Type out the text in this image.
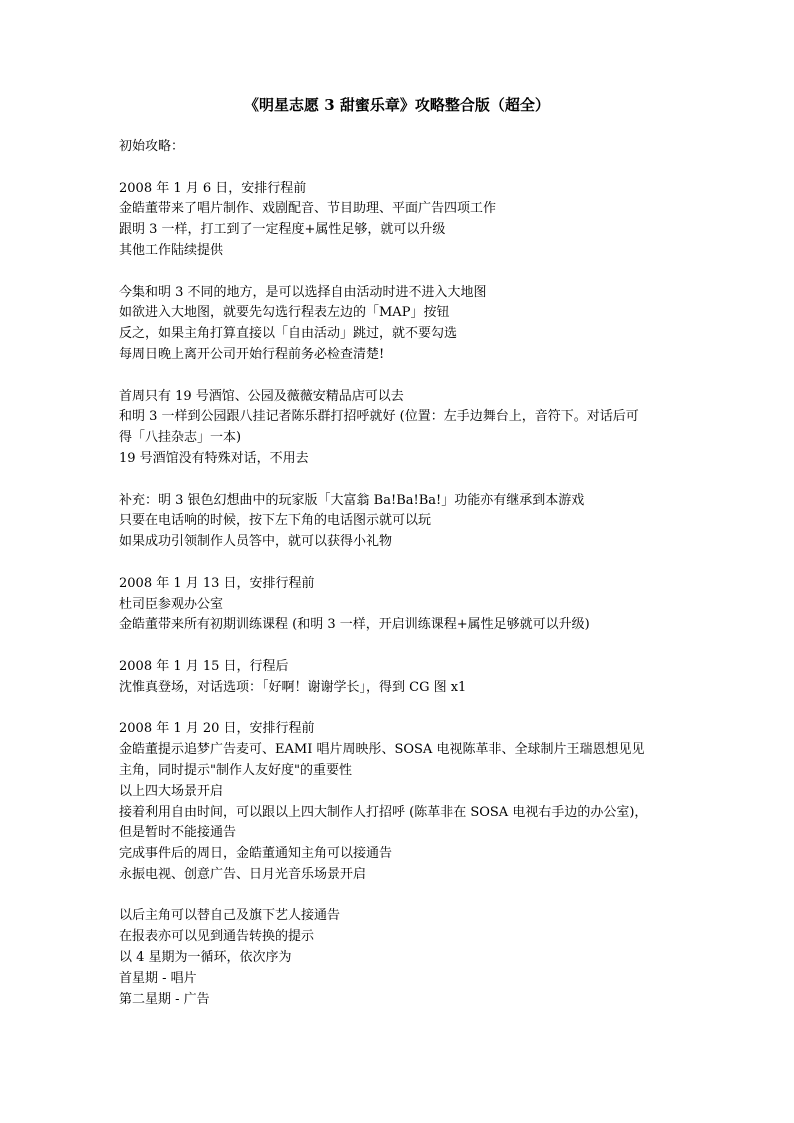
《明星志愿 3 甜蜜乐章》攻略整合版（超全）
初始攻略：
2008 年 1 月 6 日，安排行程前
金皓董带来了唱片制作、戏剧配音、节目助理、平面广告四项工作
跟明 3 一样，打工到了一定程度+属性足够，就可以升级
其他工作陆续提供
今集和明 3 不同的地方，是可以选择自由活动时进不进入大地图
如欲进入大地图，就要先勾选行程表左边的「MAP」按钮
反之，如果主角打算直接以「自由活动」跳过，就不要勾选
每周日晚上离开公司开始行程前务必检查清楚!
首周只有 19 号酒馆、公园及薇薇安精品店可以去
和明 3 一样到公园跟八挂记者陈乐群打招呼就好 (位置：左手边舞台上，音符下。对话后可
得「八挂杂志」一本)
19 号酒馆没有特殊对话，不用去
补充：明 3 银色幻想曲中的玩家版「大富翁 Ba!Ba!Ba!」功能亦有继承到本游戏
只要在电话响的时候，按下左下角的电话图示就可以玩
如果成功引领制作人员答中，就可以获得小礼物
2008 年 1 月 13 日，安排行程前
杜司臣参观办公室
金皓董带来所有初期训练课程 (和明 3 一样，开启训练课程+属性足够就可以升级)
2008 年 1 月 15 日，行程后
沈惟真登场，对话选项：「好啊！谢谢学长」，得到 CG 图 x1
2008 年 1 月 20 日，安排行程前
金皓董提示追梦广告麦可、EAMI 唱片周映彤、SOSA 电视陈革非、全球制片王瑞恩想见见
主角，同时提示"制作人友好度"的重要性
以上四大场景开启
接着利用自由时间，可以跟以上四大制作人打招呼 (陈革非在 SOSA 电视右手边的办公室)，
但是暂时不能接通告
完成事件后的周日，金皓董通知主角可以接通告
永振电视、创意广告、日月光音乐场景开启
以后主角可以替自己及旗下艺人接通告
在报表亦可以见到通告转换的提示
以 4 星期为一循环，依次序为
首星期 - 唱片
第二星期 - 广告
